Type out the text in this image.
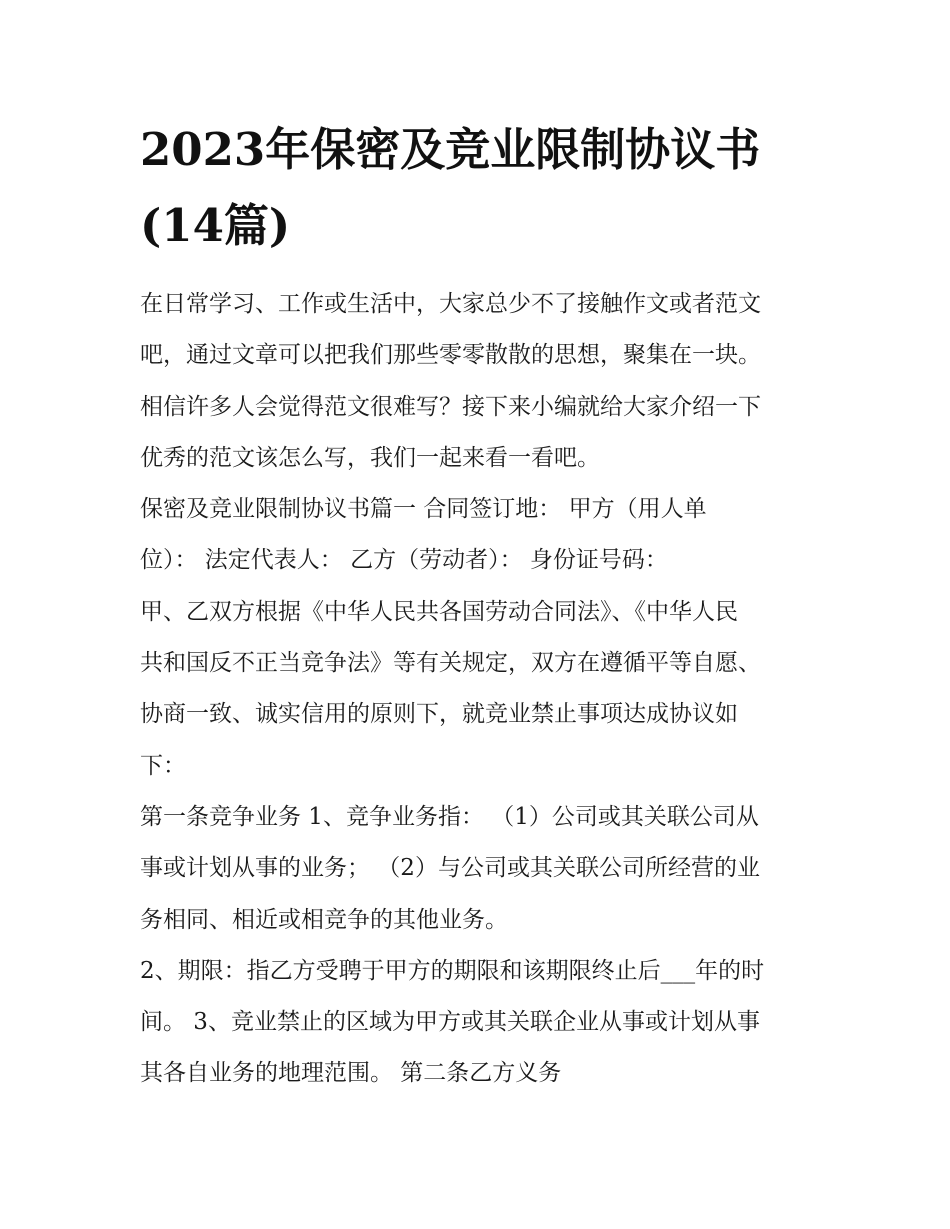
2023年保密及竞业限制协议书
(14篇)
在日常学习、工作或生活中，大家总少不了接触作文或者范文
吧，通过文章可以把我们那些零零散散的思想，聚集在一块。
相信许多人会觉得范文很难写？接下来小编就给大家介绍一下
优秀的范文该怎么写，我们一起来看一看吧。
保密及竞业限制协议书篇一 合同签订地： 甲方（用人单
位）： 法定代表人： 乙方（劳动者）： 身份证号码：
甲、乙双方根据《中华人民共各国劳动合同法》、《中华人民
共和国反不正当竞争法》等有关规定，双方在遵循平等自愿、
协商一致、诚实信用的原则下，就竞业禁止事项达成协议如
下：
第一条竞争业务 1、竞争业务指： （1）公司或其关联公司从
事或计划从事的业务； （2）与公司或其关联公司所经营的业
务相同、相近或相竞争的其他业务。
2、期限：指乙方受聘于甲方的期限和该期限终止后___年的时
间。 3、竞业禁止的区域为甲方或其关联企业从事或计划从事
其各自业务的地理范围。 第二条乙方义务
